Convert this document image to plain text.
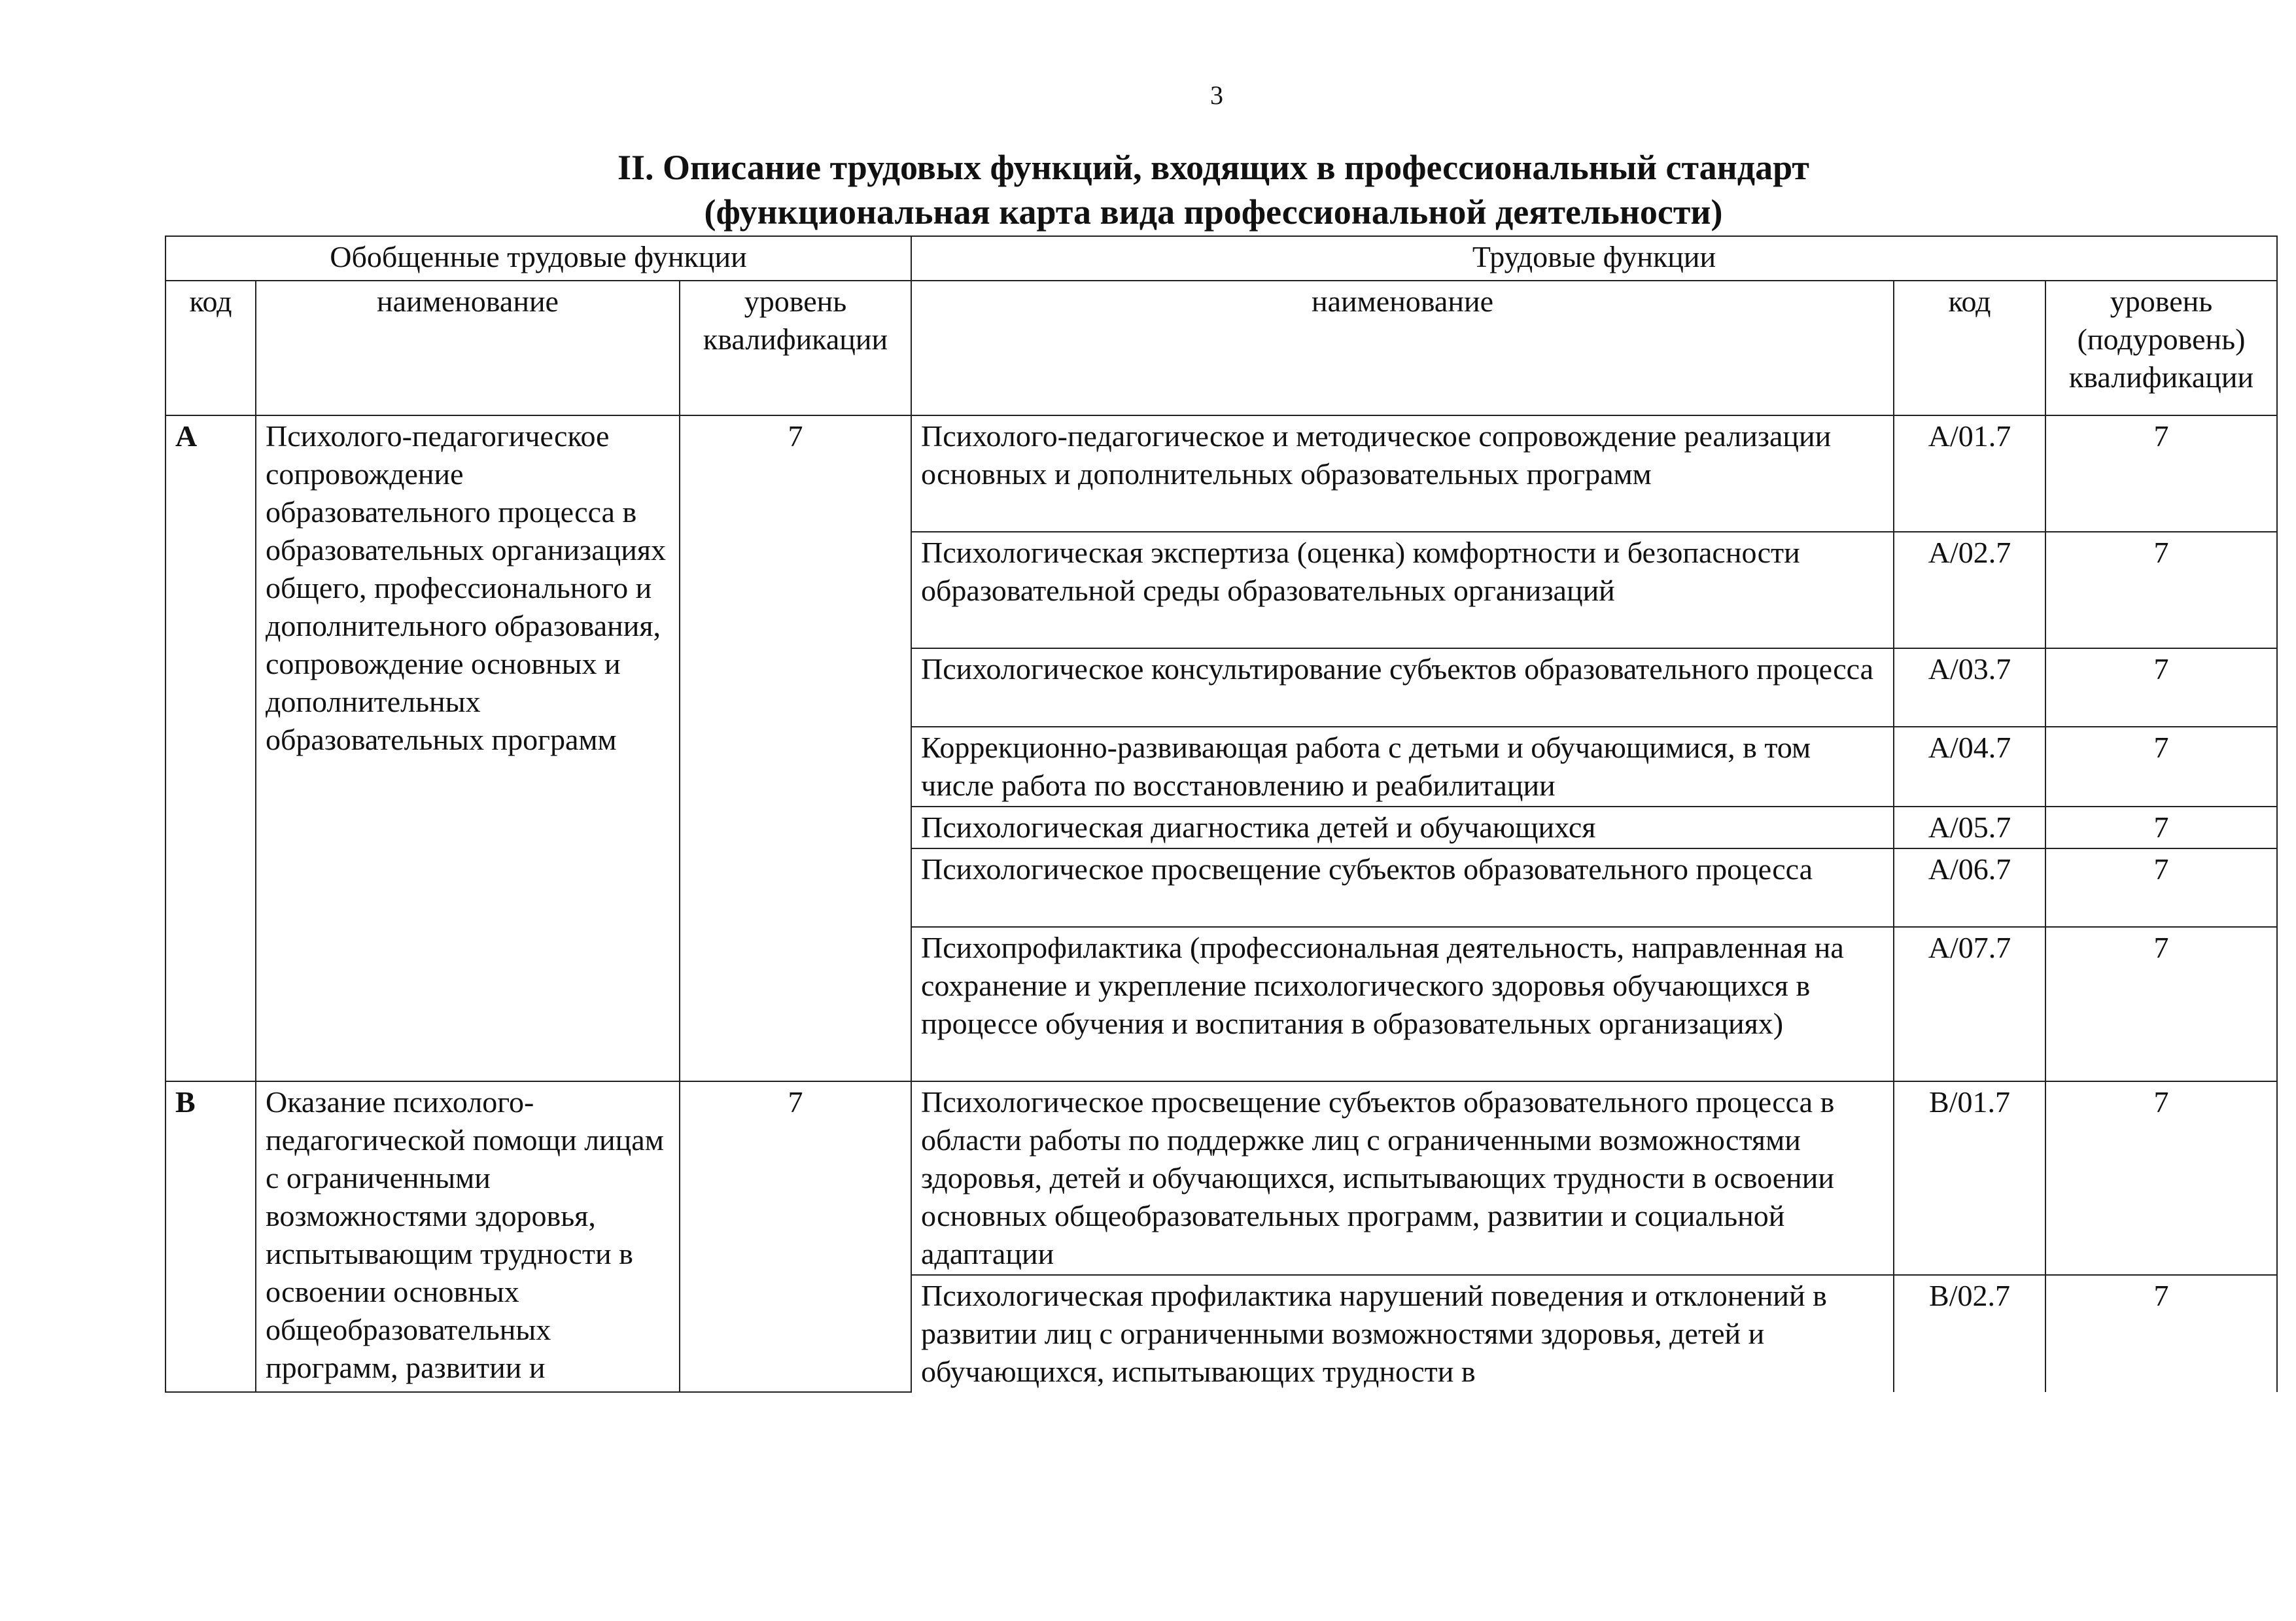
3
II. Описание трудовых функций, входящих в профессиональный стандарт
(функциональная карта вида профессиональной деятельности)
Обобщенные трудовые функции			Трудовые функции		
код	наименование	уровень квалификации	наименование	код	уровень (подуровень) квалификации
A	Психолого-педагогическое сопровождение образовательного процесса в образовательных организациях общего, профессионального и дополнительного образования, сопровождение основных и дополнительных образовательных программ	7	Психолого-педагогическое и методическое сопровождение реализации основных и дополнительных образовательных программ	A/01.7	7
			Психологическая экспертиза (оценка) комфортности и безопасности образовательной среды образовательных организаций	A/02.7	7
			Психологическое консультирование субъектов образовательного процесса	A/03.7	7
			Коррекционно-развивающая работа с детьми и обучающимися, в том числе работа по восстановлению и реабилитации	A/04.7	7
			Психологическая диагностика детей и обучающихся	A/05.7	7
			Психологическое просвещение субъектов образовательного процесса	A/06.7	7
			Психопрофилактика (профессиональная деятельность, направленная на сохранение и укрепление психологического здоровья обучающихся в процессе обучения и воспитания в образовательных организациях)	A/07.7	7
B	Оказание психолого-педагогической помощи лицам с ограниченными возможностями здоровья, испытывающим трудности в освоении основных общеобразовательных программ, развитии и	7	Психологическое просвещение субъектов образовательного процесса в области работы по поддержке лиц с ограниченными возможностями здоровья, детей и обучающихся, испытывающих трудности в освоении основных общеобразовательных программ, развитии и социальной адаптации	B/01.7	7
			Психологическая профилактика нарушений поведения и отклонений в развитии лиц с ограниченными возможностями здоровья, детей и обучающихся, испытывающих трудности в	B/02.7	7
